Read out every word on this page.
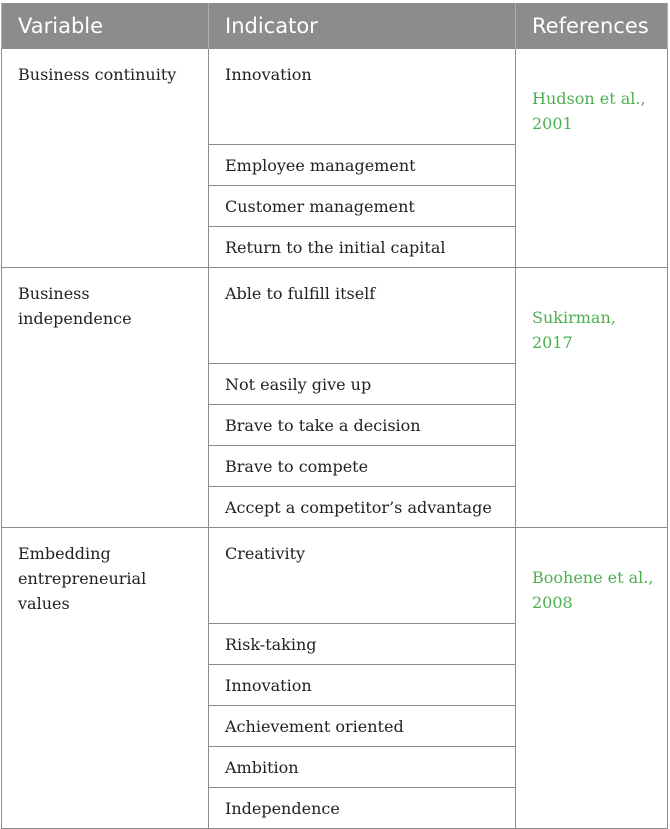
Variable	Indicator	References
Business continuity	Innovation	Hudson et al., 2001
	Employee management	
	Customer management	
	Return to the initial capital	
Business independence	Able to fulfill itself	Sukirman, 2017
	Not easily give up	
	Brave to take a decision	
	Brave to compete	
	Accept a competitor’s advantage	
Embedding entrepreneurial values	Creativity	Boohene et al., 2008
	Risk-taking	
	Innovation	
	Achievement oriented	
	Ambition	
	Independence	
